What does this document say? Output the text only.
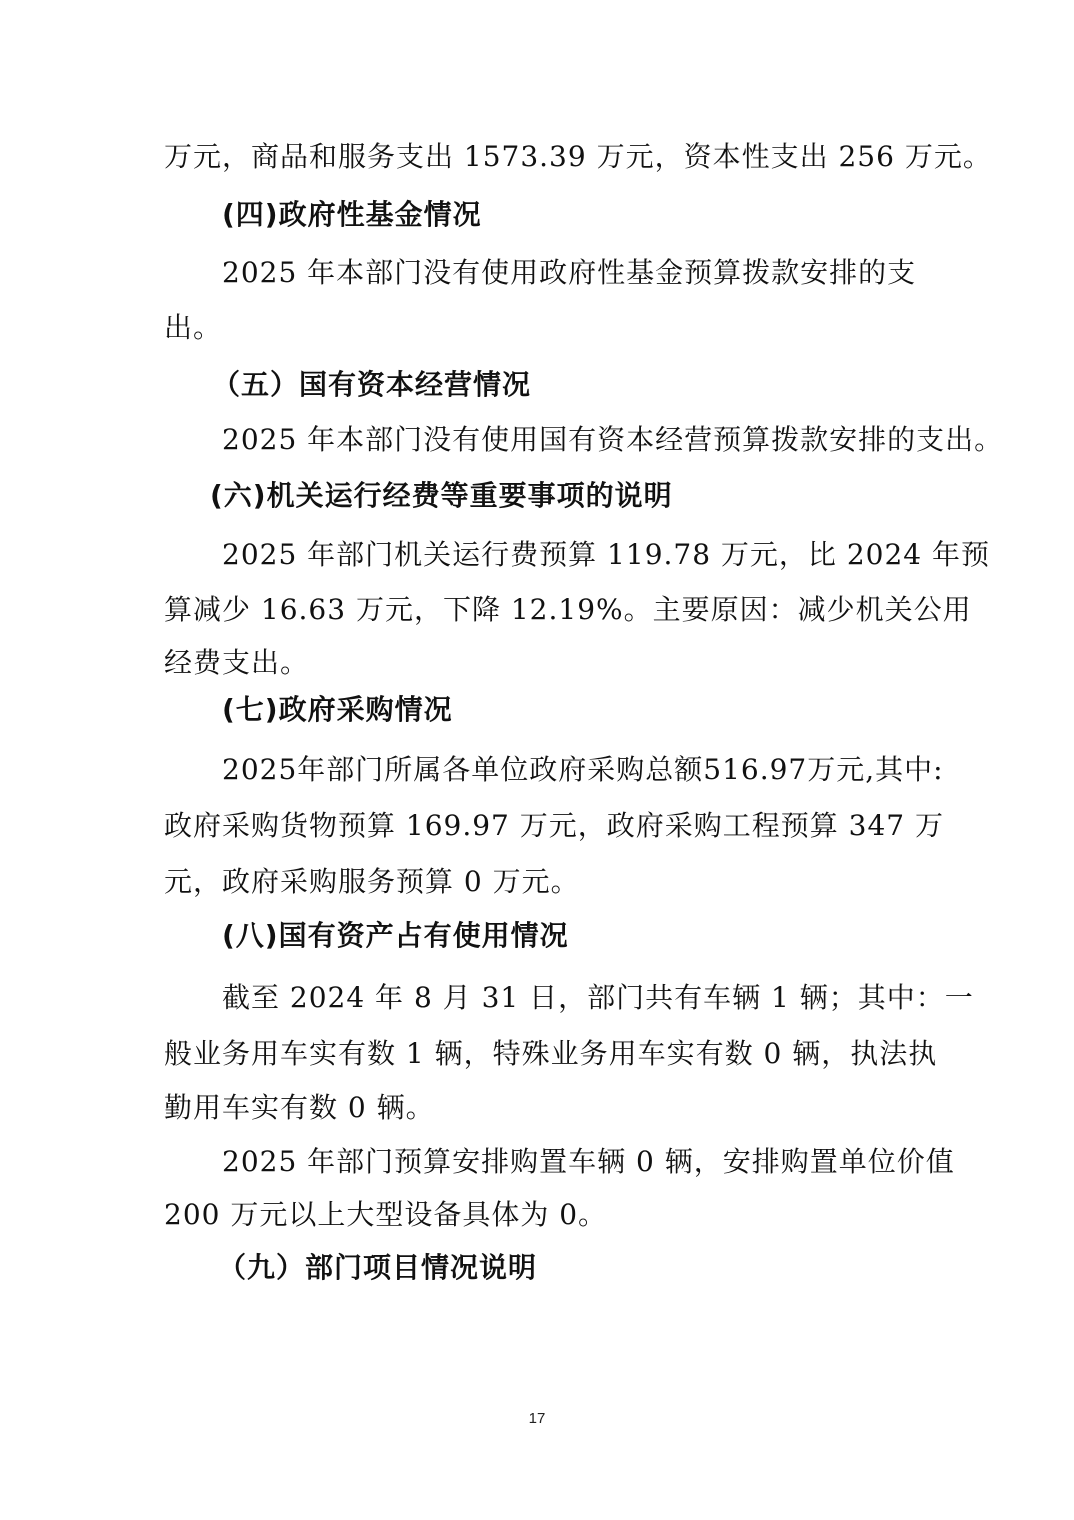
万元，商品和服务支出 1573.39 万元，资本性支出 256 万元。
(四)政府性基金情况
2025 年本部门没有使用政府性基金预算拨款安排的支
出。
（五）国有资本经营情况
2025 年本部门没有使用国有资本经营预算拨款安排的支出。
(六)机关运行经费等重要事项的说明
2025 年部门机关运行费预算 119.78 万元，比 2024 年预
算减少 16.63 万元，下降 12.19%。主要原因：减少机关公用
经费支出。
(七)政府采购情况
2025年部门所属各单位政府采购总额516.97万元,其中:
政府采购货物预算 169.97 万元，政府采购工程预算 347 万
元，政府采购服务预算 0 万元。
(八)国有资产占有使用情况
截至 2024 年 8 月 31 日，部门共有车辆 1 辆；其中：一
般业务用车实有数 1 辆，特殊业务用车实有数 0 辆，执法执
勤用车实有数 0 辆。
2025 年部门预算安排购置车辆 0 辆，安排购置单位价值
200 万元以上大型设备具体为 0。
（九）部门项目情况说明
17
